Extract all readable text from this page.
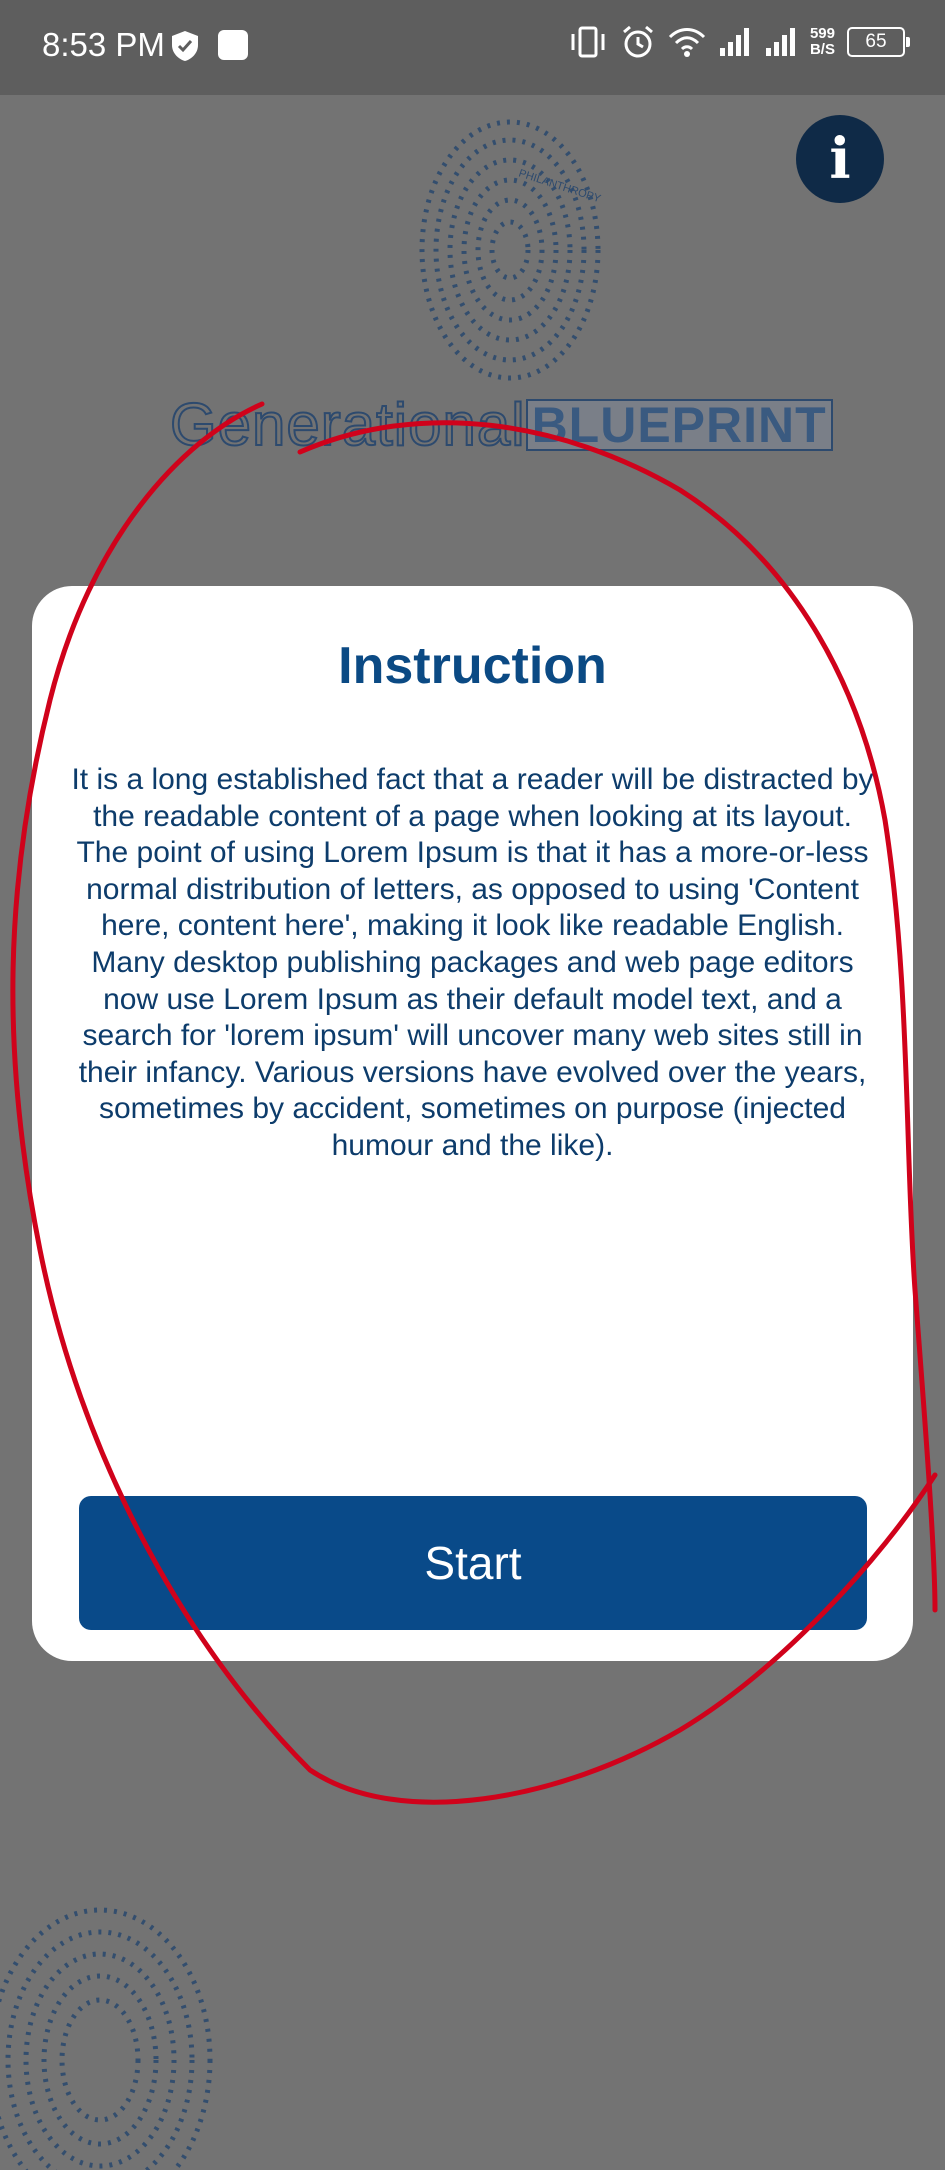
8:53 PM	599
B/S	65
i
PHILANTHROPY
Generational BLUEPRINT
Instruction
It is a long established fact that a reader will be distracted by
the readable content of a page when looking at its layout.
The point of using Lorem Ipsum is that it has a more-or-less
normal distribution of letters, as opposed to using 'Content
here, content here', making it look like readable English.
Many desktop publishing packages and web page editors
now use Lorem Ipsum as their default model text, and a
search for 'lorem ipsum' will uncover many web sites still in
their infancy. Various versions have evolved over the years,
sometimes by accident, sometimes on purpose (injected
humour and the like).
Start
